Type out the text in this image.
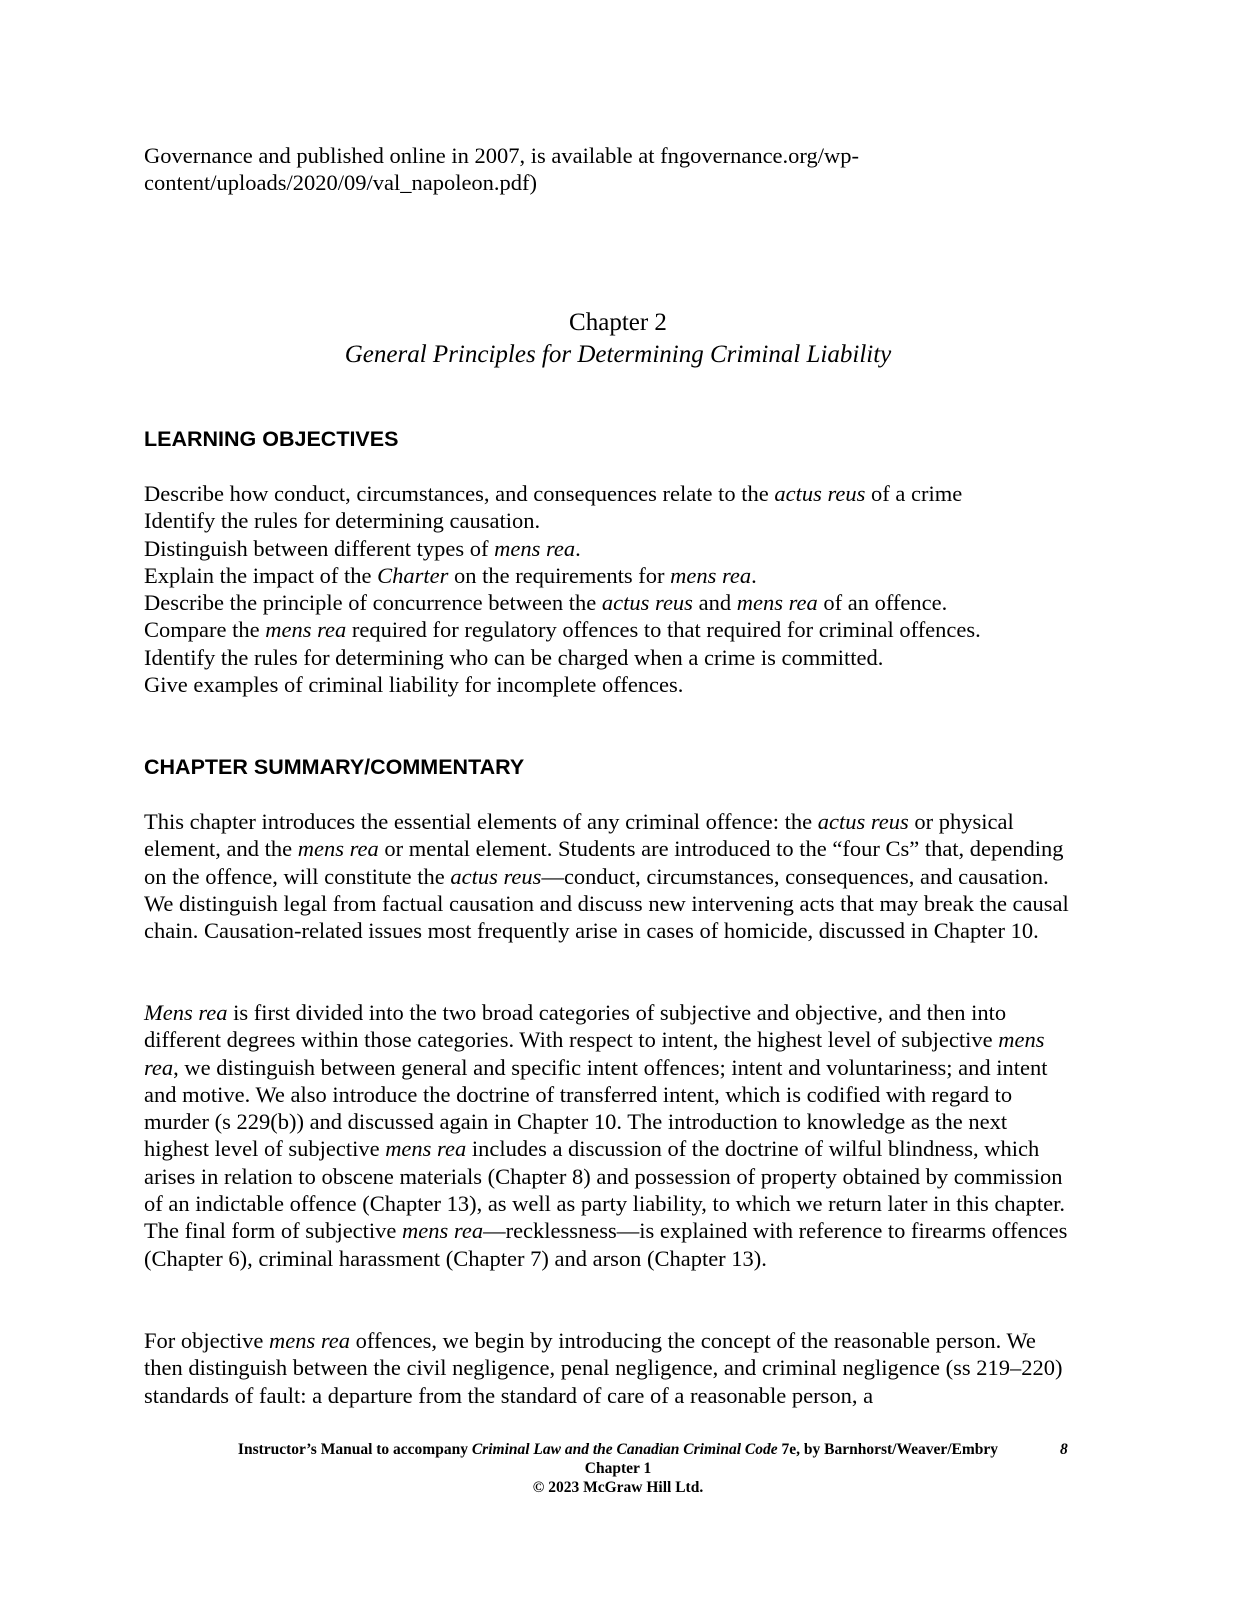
Governance and published online in 2007, is available at fngovernance.org/wp-content/uploads/2020/09/val_napoleon.pdf)

Chapter 2
General Principles for Determining Criminal Liability
LEARNING OBJECTIVES
Describe how conduct, circumstances, and consequences relate to the actus reus of a crime
Identify the rules for determining causation.
Distinguish between different types of mens rea.
Explain the impact of the Charter on the requirements for mens rea.
Describe the principle of concurrence between the actus reus and mens rea of an offence.
Compare the mens rea required for regulatory offences to that required for criminal offences.
Identify the rules for determining who can be charged when a crime is committed.
Give examples of criminal liability for incomplete offences.
CHAPTER SUMMARY/COMMENTARY

This chapter introduces the essential elements of any criminal offence: the actus reus or physical element, and the mens rea or mental element. Students are introduced to the “four Cs” that, depending on the offence, will constitute the actus reus—conduct, circumstances, consequences, and causation. We distinguish legal from factual causation and discuss new intervening acts that may break the causal chain. Causation-related issues most frequently arise in cases of homicide, discussed in Chapter 10.

Mens rea is first divided into the two broad categories of subjective and objective, and then into different degrees within those categories. With respect to intent, the highest level of subjective mens rea, we distinguish between general and specific intent offences; intent and voluntariness; and intent and motive. We also introduce the doctrine of transferred intent, which is codified with regard to murder (s 229(b)) and discussed again in Chapter 10. The introduction to knowledge as the next highest level of subjective mens rea includes a discussion of the doctrine of wilful blindness, which arises in relation to obscene materials (Chapter 8) and possession of property obtained by commission of an indictable offence (Chapter 13), as well as party liability, to which we return later in this chapter. The final form of subjective mens rea—recklessness—is explained with reference to firearms offences (Chapter 6), criminal harassment (Chapter 7) and arson (Chapter 13).

For objective mens rea offences, we begin by introducing the concept of the reasonable person. We then distinguish between the civil negligence, penal negligence, and criminal negligence (ss 219–220) standards of fault: a departure from the standard of care of a reasonable person, a

Instructor’s Manual to accompany Criminal Law and the Canadian Criminal Code 7e, by Barnhorst/Weaver/Embry
Chapter 1
© 2023 McGraw Hill Ltd.
8
